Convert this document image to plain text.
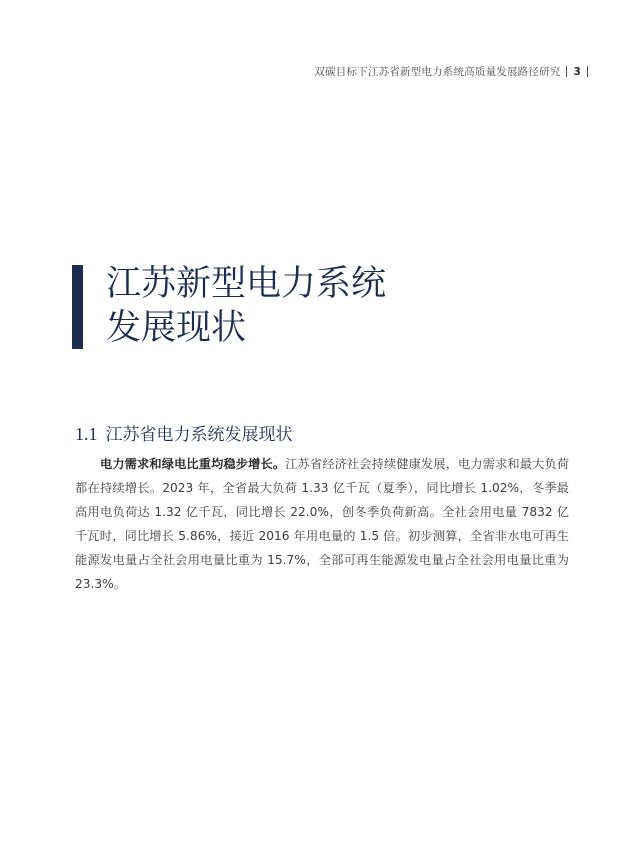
双碳目标下江苏省新型电力系统高质量发展路径研究 3
江苏新型电力系统
发展现状
1.1 江苏省电力系统发展现状
电力需求和绿电比重均稳步增长。江苏省经济社会持续健康发展，电力需求和最大负荷都在持续增长。2023 年，全省最大负荷 1.33 亿千瓦（夏季），同比增长 1.02%，冬季最高用电负荷达 1.32 亿千瓦，同比增长 22.0%，创冬季负荷新高。全社会用电量 7832 亿千瓦时，同比增长 5.86%，接近 2016 年用电量的 1.5 倍。初步测算，全省非水电可再生能源发电量占全社会用电量比重为 15.7%，全部可再生能源发电量占全社会用电量比重为 23.3%。
